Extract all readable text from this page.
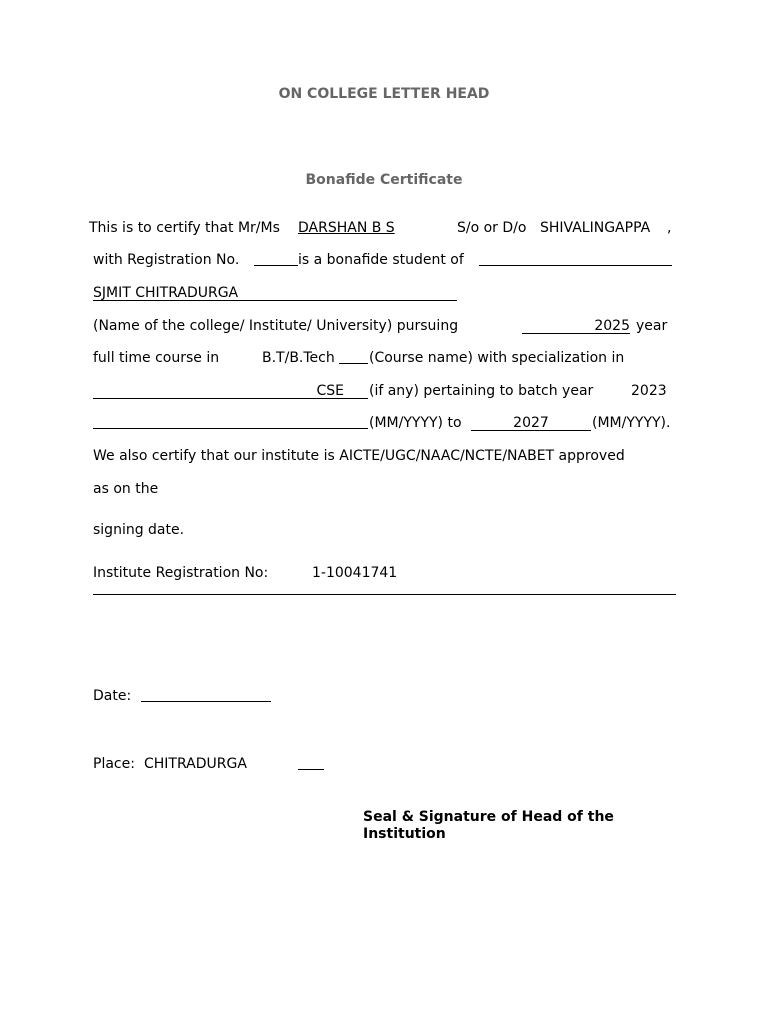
ON COLLEGE LETTER HEAD
Bonafide Certificate
This is to certify that Mr/Ms DARSHAN B S	S/o or D/o SHIVALINGAPPA ,
with Registration No.	is a bonafide student of
SJMIT CHITRADURGA
(Name of the college/ Institute/ University) pursuing	2025 year
full time course in	B.T/B.Tech (Course name) with specialization in
CSE	(if any) pertaining to batch year	2023
(MM/YYYY) to	2027	(MM/YYYY).
We also certify that our institute is AICTE/UGC/NAAC/NCTE/NABET approved
as on the
signing date.
Institute Registration No:	1-10041741
Date:
Place: CHITRADURGA
Seal & Signature of Head of the
Institution
